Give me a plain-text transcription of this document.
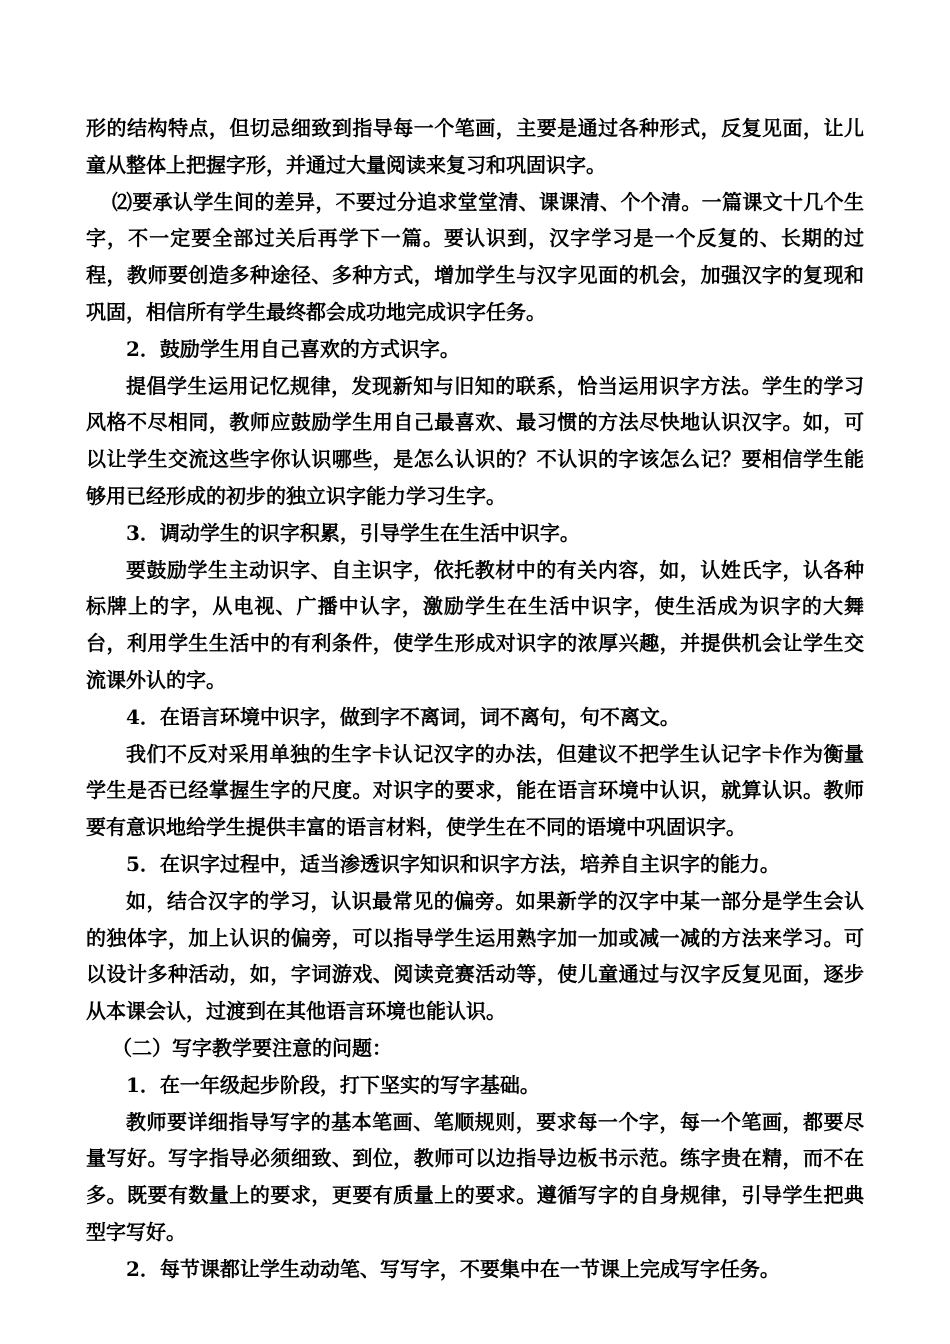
形的结构特点，但切忌细致到指导每一个笔画，主要是通过各种形式，反复见面，让儿童从整体上把握字形，并通过大量阅读来复习和巩固识字。

⑵要承认学生间的差异，不要过分追求堂堂清、课课清、个个清。一篇课文十几个生字，不一定要全部过关后再学下一篇。要认识到，汉字学习是一个反复的、长期的过程，教师要创造多种途径、多种方式，增加学生与汉字见面的机会，加强汉字的复现和巩固，相信所有学生最终都会成功地完成识字任务。

2．鼓励学生用自己喜欢的方式识字。

提倡学生运用记忆规律，发现新知与旧知的联系，恰当运用识字方法。学生的学习风格不尽相同，教师应鼓励学生用自己最喜欢、最习惯的方法尽快地认识汉字。如，可以让学生交流这些字你认识哪些，是怎么认识的？不认识的字该怎么记？要相信学生能够用已经形成的初步的独立识字能力学习生字。

3．调动学生的识字积累，引导学生在生活中识字。

要鼓励学生主动识字、自主识字，依托教材中的有关内容，如，认姓氏字，认各种标牌上的字，从电视、广播中认字，激励学生在生活中识字，使生活成为识字的大舞台，利用学生生活中的有利条件，使学生形成对识字的浓厚兴趣，并提供机会让学生交流课外认的字。

4．在语言环境中识字，做到字不离词，词不离句，句不离文。

我们不反对采用单独的生字卡认记汉字的办法，但建议不把学生认记字卡作为衡量学生是否已经掌握生字的尺度。对识字的要求，能在语言环境中认识，就算认识。教师要有意识地给学生提供丰富的语言材料，使学生在不同的语境中巩固识字。

5．在识字过程中，适当渗透识字知识和识字方法，培养自主识字的能力。

如，结合汉字的学习，认识最常见的偏旁。如果新学的汉字中某一部分是学生会认的独体字，加上认识的偏旁，可以指导学生运用熟字加一加或减一减的方法来学习。可以设计多种活动，如，字词游戏、阅读竞赛活动等，使儿童通过与汉字反复见面，逐步从本课会认，过渡到在其他语言环境也能认识。

（二）写字教学要注意的问题：

1．在一年级起步阶段，打下坚实的写字基础。

教师要详细指导写字的基本笔画、笔顺规则，要求每一个字，每一个笔画，都要尽量写好。写字指导必须细致、到位，教师可以边指导边板书示范。练字贵在精，而不在多。既要有数量上的要求，更要有质量上的要求。遵循写字的自身规律，引导学生把典型字写好。

2．每节课都让学生动动笔、写写字，不要集中在一节课上完成写字任务。
